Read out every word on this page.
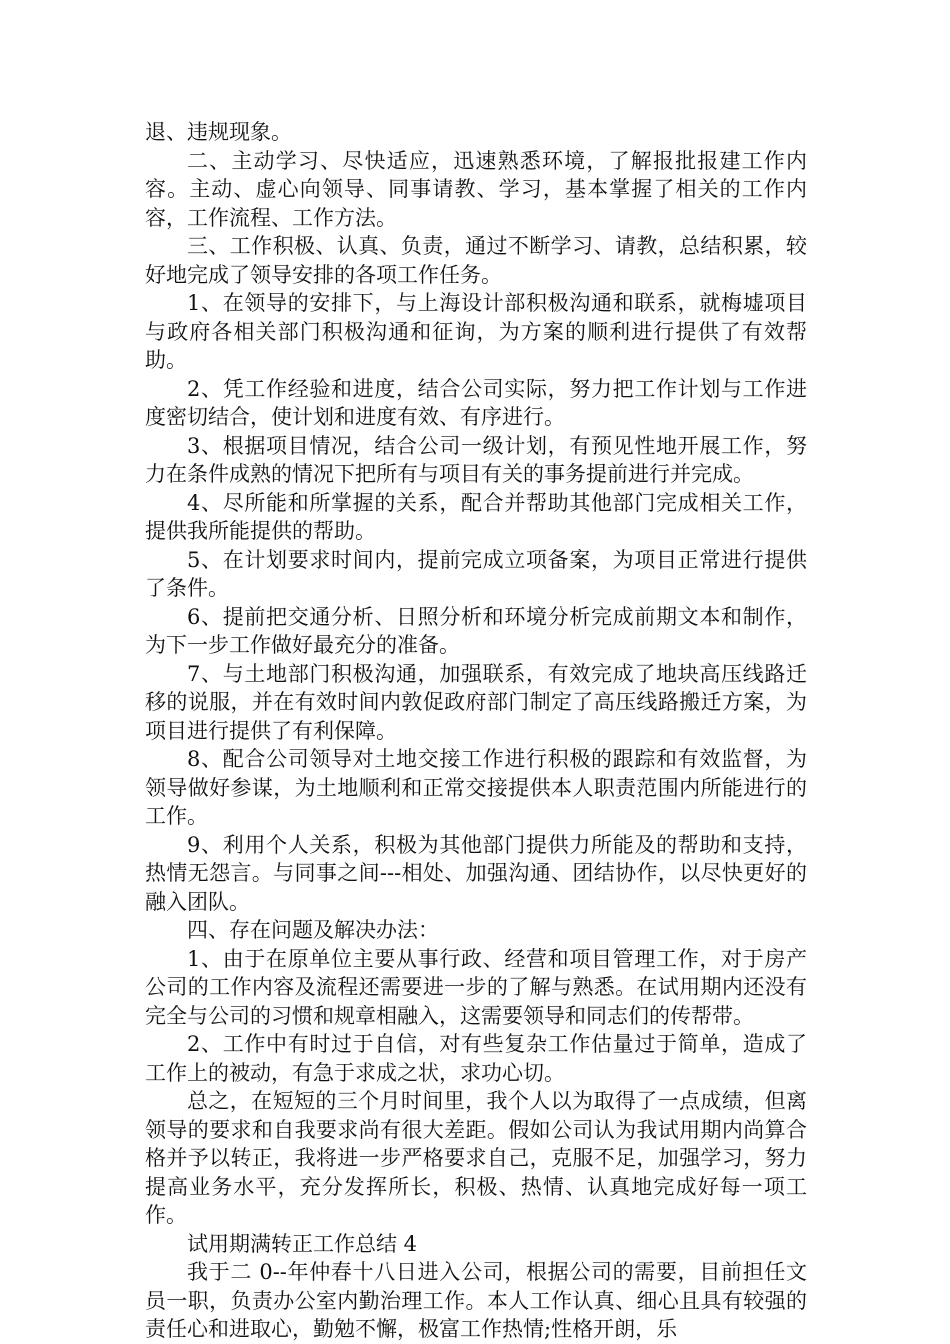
退、违规现象。

二、主动学习、尽快适应，迅速熟悉环境，了解报批报建工作内容。主动、虚心向领导、同事请教、学习，基本掌握了相关的工作内容，工作流程、工作方法。

三、工作积极、认真、负责，通过不断学习、请教，总结积累，较好地完成了领导安排的各项工作任务。

1、在领导的安排下，与上海设计部积极沟通和联系，就梅墟项目与政府各相关部门积极沟通和征询，为方案的顺利进行提供了有效帮助。

2、凭工作经验和进度，结合公司实际，努力把工作计划与工作进度密切结合，使计划和进度有效、有序进行。

3、根据项目情况，结合公司一级计划，有预见性地开展工作，努力在条件成熟的情况下把所有与项目有关的事务提前进行并完成。

4、尽所能和所掌握的关系，配合并帮助其他部门完成相关工作，提供我所能提供的帮助。

5、在计划要求时间内，提前完成立项备案，为项目正常进行提供了条件。

6、提前把交通分析、日照分析和环境分析完成前期文本和制作，为下一步工作做好最充分的准备。

7、与土地部门积极沟通，加强联系，有效完成了地块高压线路迁移的说服，并在有效时间内敦促政府部门制定了高压线路搬迁方案，为项目进行提供了有利保障。

8、配合公司领导对土地交接工作进行积极的跟踪和有效监督，为领导做好参谋，为土地顺利和正常交接提供本人职责范围内所能进行的工作。

9、利用个人关系，积极为其他部门提供力所能及的帮助和支持，热情无怨言。与同事之间---相处、加强沟通、团结协作，以尽快更好的融入团队。

四、存在问题及解决办法：

1、由于在原单位主要从事行政、经营和项目管理工作，对于房产公司的工作内容及流程还需要进一步的了解与熟悉。在试用期内还没有完全与公司的习惯和规章相融入，这需要领导和同志们的传帮带。

2、工作中有时过于自信，对有些复杂工作估量过于简单，造成了工作上的被动，有急于求成之状，求功心切。

总之，在短短的三个月时间里，我个人以为取得了一点成绩，但离领导的要求和自我要求尚有很大差距。假如公司认为我试用期内尚算合格并予以转正，我将进一步严格要求自己，克服不足，加强学习，努力提高业务水平，充分发挥所长，积极、热情、认真地完成好每一项工作。

试用期满转正工作总结 4

我于二 0--年仲春十八日进入公司，根据公司的需要，目前担任文员一职，负责办公室内勤治理工作。本人工作认真、细心且具有较强的责任心和进取心，勤勉不懈，极富工作热情;性格开朗，乐
